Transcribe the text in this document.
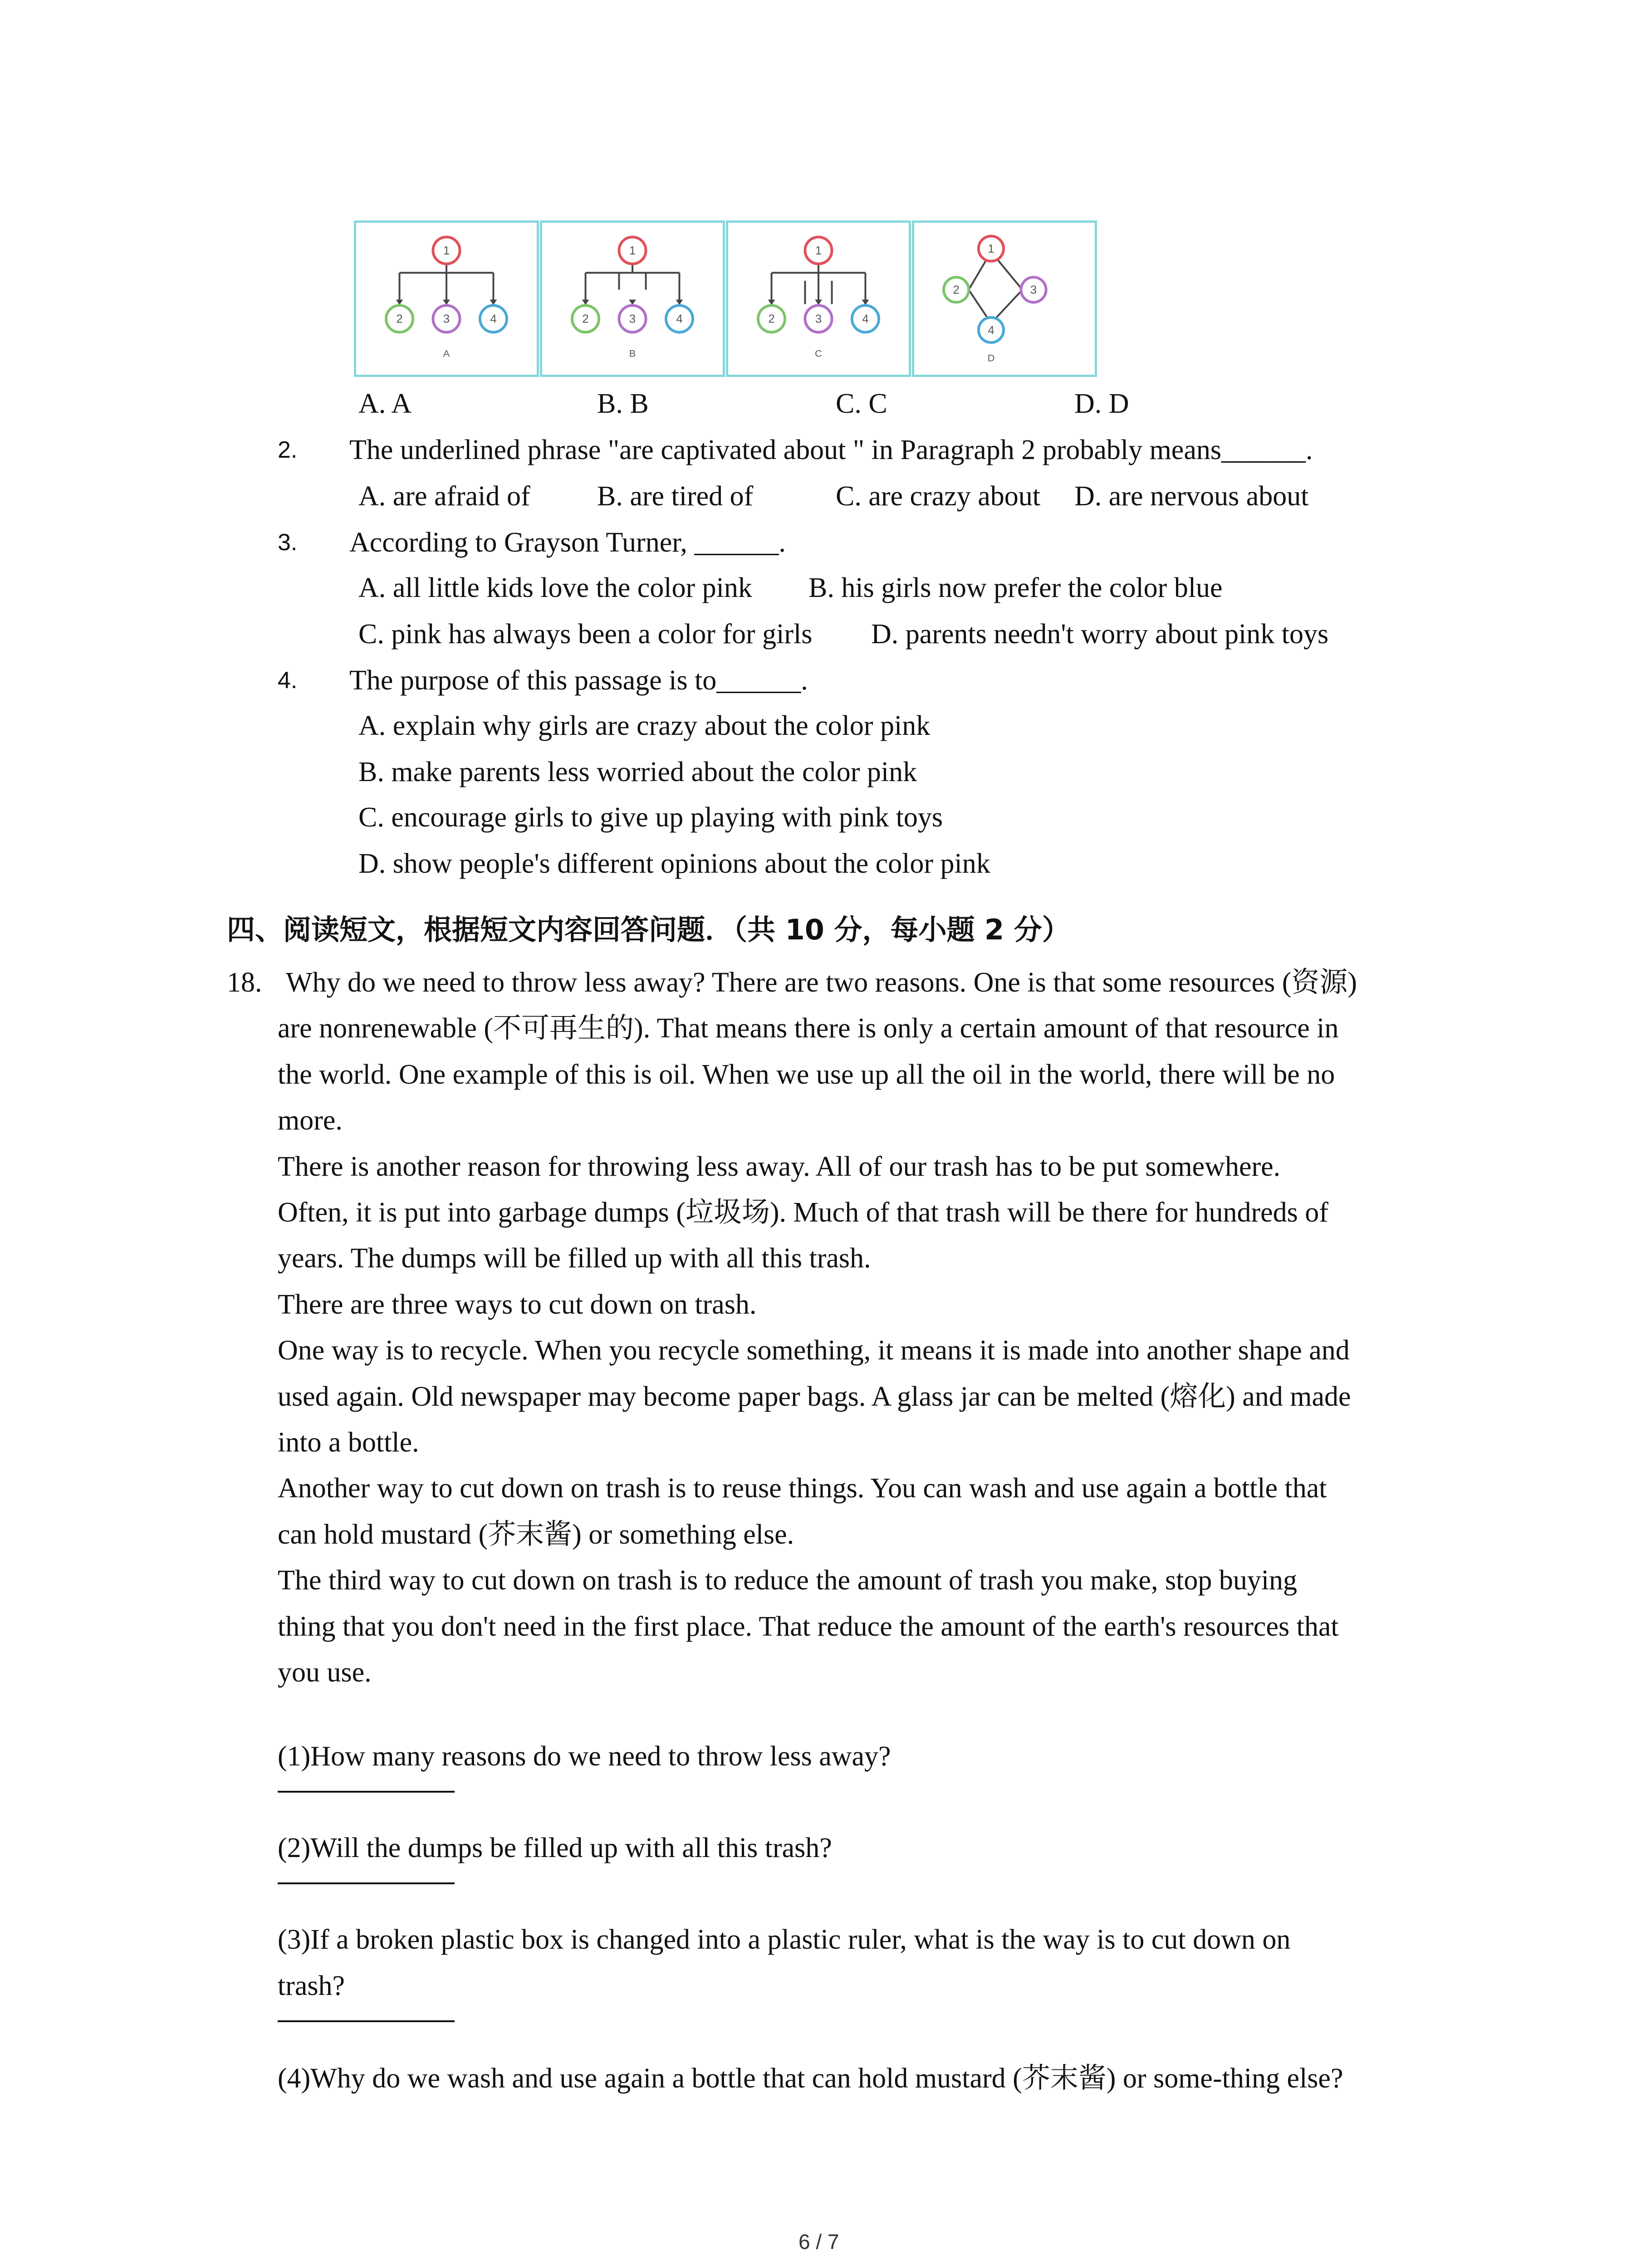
1
2	3	4
A
1
2	3	4
B
1
2	3	4
C
1
2	3
4
D
A. A	B. B	C. C	D. D
2. The underlined phrase "are captivated about " in Paragraph 2 probably means______.
A. are afraid of B. are tired of	C. are crazy about D. are nervous about
3. According to Grayson Turner, ______.
A. all little kids love the color pink B. his girls now prefer the color blue
C. pink has always been a color for girls D. parents needn't worry about pink toys
4. The purpose of this passage is to______.
A. explain why girls are crazy about the color pink
B. make parents less worried about the color pink
C. encourage girls to give up playing with pink toys
D. show people's different opinions about the color pink
四、阅读短文，根据短文内容回答问题．（共 10 分，每小题 2 分）
18. Why do we need to throw less away? There are two reasons. One is that some resources (资源)
are nonrenewable (不可再生的). That means there is only a certain amount of that resource in
the world. One example of this is oil. When we use up all the oil in the world, there will be no
more.
There is another reason for throwing less away. All of our trash has to be put somewhere.
Often, it is put into garbage dumps (垃圾场). Much of that trash will be there for hundreds of
years. The dumps will be filled up with all this trash.
There are three ways to cut down on trash.
One way is to recycle. When you recycle something, it means it is made into another shape and
used again. Old newspaper may become paper bags. A glass jar can be melted (熔化) and made
into a bottle.
Another way to cut down on trash is to reuse things. You can wash and use again a bottle that
can hold mustard (芥末酱) or something else.
The third way to cut down on trash is to reduce the amount of trash you make, stop buying
thing that you don't need in the first place. That reduce the amount of the earth's resources that
you use.
(1)How many reasons do we need to throw less away?
(2)Will the dumps be filled up with all this trash?
(3)If a broken plastic box is changed into a plastic ruler, what is the way is to cut down on
trash?
(4)Why do we wash and use again a bottle that can hold mustard (芥末酱) or some-thing else?
6 / 7
